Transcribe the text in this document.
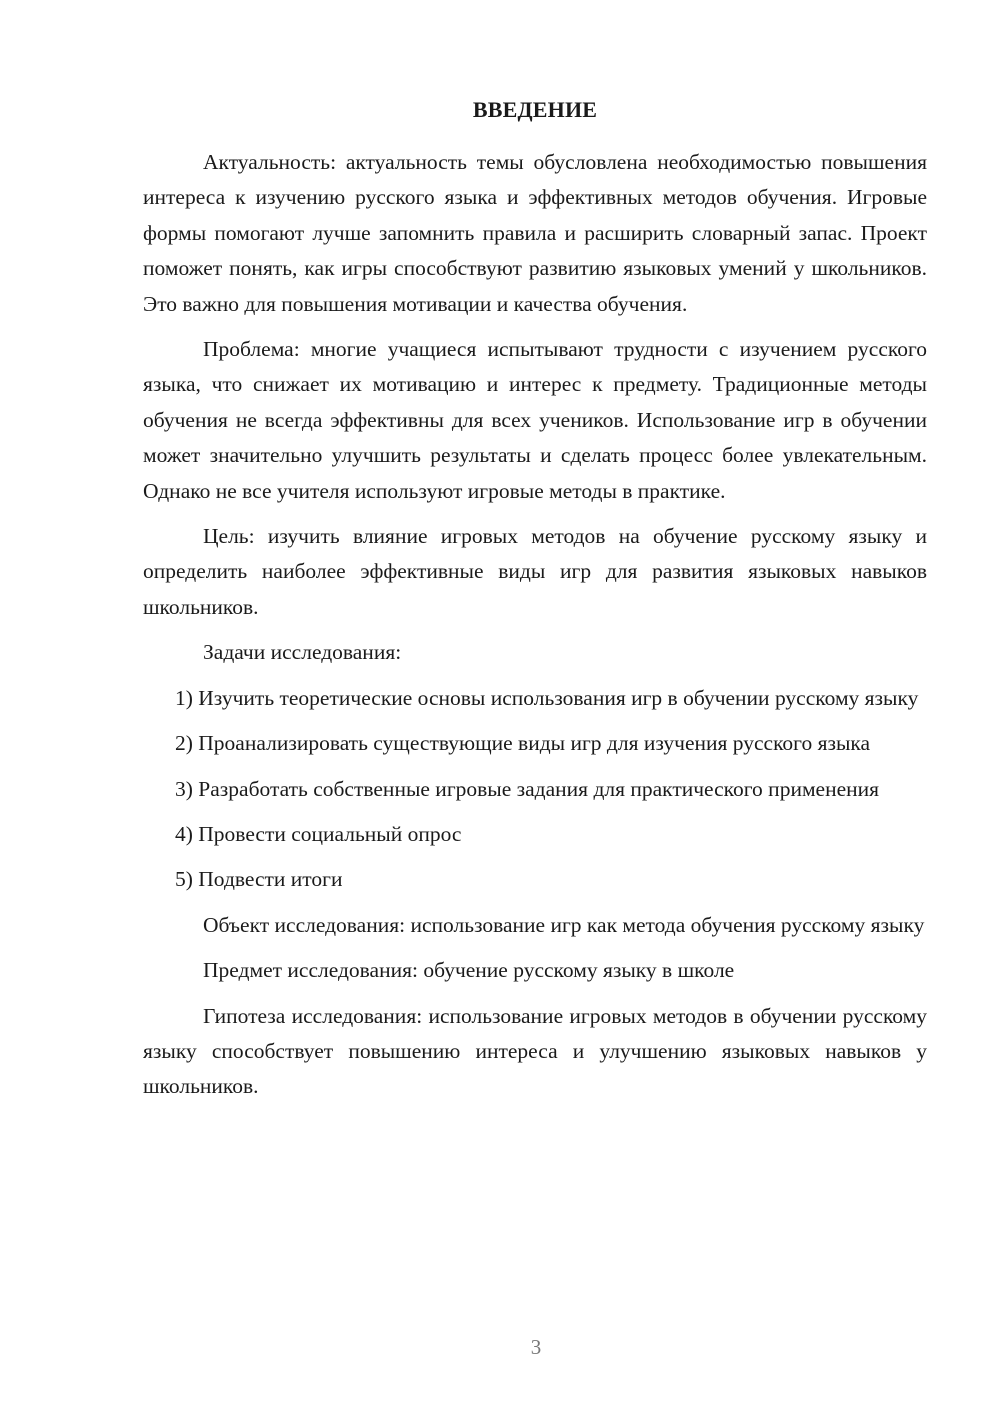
ВВЕДЕНИЕ

Актуальность: актуальность темы обусловлена необходимостью повышения интереса к изучению русского языка и эффективных методов обучения. Игровые формы помогают лучше запомнить правила и расширить словарный запас. Проект поможет понять, как игры способствуют развитию языковых умений у школьников. Это важно для повышения мотивации и качества обучения.

Проблема: многие учащиеся испытывают трудности с изучением русского языка, что снижает их мотивацию и интерес к предмету. Традиционные методы обучения не всегда эффективны для всех учеников. Использование игр в обучении может значительно улучшить результаты и сделать процесс более увлекательным. Однако не все учителя используют игровые методы в практике.

Цель: изучить влияние игровых методов на обучение русскому языку и определить наиболее эффективные виды игр для развития языковых навыков школьников.

Задачи исследования:

1) Изучить теоретические основы использования игр в обучении русскому языку

2) Проанализировать существующие виды игр для изучения русского языка

3) Разработать собственные игровые задания для практического применения

4) Провести социальный опрос

5) Подвести итоги

Объект исследования: использование игр как метода обучения русскому языку

Предмет исследования: обучение русскому языку в школе

Гипотеза исследования: использование игровых методов в обучении русскому языку способствует повышению интереса и улучшению языковых навыков у школьников.

3
